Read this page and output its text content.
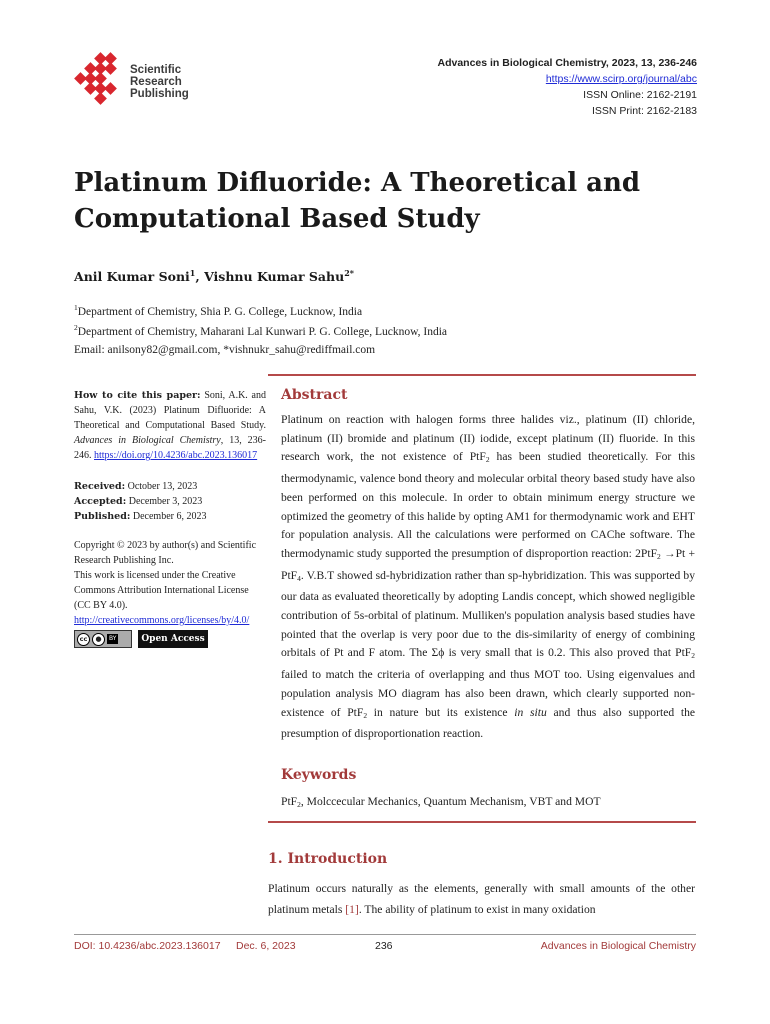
Scientific
Research
Publishing
Advances in Biological Chemistry, 2023, 13, 236-246
https://www.scirp.org/journal/abc
ISSN Online: 2162-2191
ISSN Print: 2162-2183
Platinum Difluoride: A Theoretical and Computational Based Study
Anil Kumar Soni$^1$, Vishnu Kumar Sahu$^{2*}$
$^1$Department of Chemistry, Shia P. G. College, Lucknow, India
$^2$Department of Chemistry, Maharani Lal Kunwari P. G. College, Lucknow, India
Email: anilsony82@gmail.com, *vishnukr_sahu@rediffmail.com

How to cite this paper: Soni, A.K. and Sahu, V.K. (2023) Platinum Difluoride: A Theoretical and Computational Based Study. Advances in Biological Chemistry, 13, 236-246. https://doi.org/10.4236/abc.2023.136017

Received: October 13, 2023
Accepted: December 3, 2023
Published: December 6, 2023

Copyright © 2023 by author(s) and Scientific Research Publishing Inc.
This work is licensed under the Creative Commons Attribution International License (CC BY 4.0).
http://creativecommons.org/licenses/by/4.0/

cc	●	BY	Open Access
Abstract

Platinum on reaction with halogen forms three halides viz., platinum (II) chloride, platinum (II) bromide and platinum (II) iodide, except platinum (II) fluoride. In this research work, the not existence of PtF$_2$ has been studied theoretically. For this thermodynamic, valence bond theory and molecular orbital theory based study have also been performed on this molecule. In order to obtain minimum energy structure we optimized the geometry of this halide by opting AM1 for thermodynamic work and EHT for population analysis. All the calculations were performed on CAChe software. The thermodynamic study supported the presumption of disproportion reaction: 2PtF$_2$ →Pt + PtF$_4$. V.B.T showed sd-hybridization rather than sp-hybridization. This was supported by our data as evaluated theoretically by adopting Landis concept, which showed negligible contribution of 5s-orbital of platinum. Mulliken's population analysis based studies have pointed that the overlap is very poor due to the dis-similarity of energy of combining orbitals of Pt and F atom. The Σϕ is very small that is 0.2. This also proved that PtF$_2$ failed to match the criteria of overlapping and thus MOT too. Using eigenvalues and population analysis MO diagram has also been drawn, which clearly supported non-existence of PtF$_2$ in nature but its existence in situ and thus also supported the presumption of disproportionation reaction.

Keywords

PtF$_2$, Molccecular Mechanics, Quantum Mechanism, VBT and MOT

1. Introduction

Platinum occurs naturally as the elements, generally with small amounts of the other platinum metals [1]. The ability of platinum to exist in many oxidation

DOI: 10.4236/abc.2023.136017 Dec. 6, 2023	236	Advances in Biological Chemistry
